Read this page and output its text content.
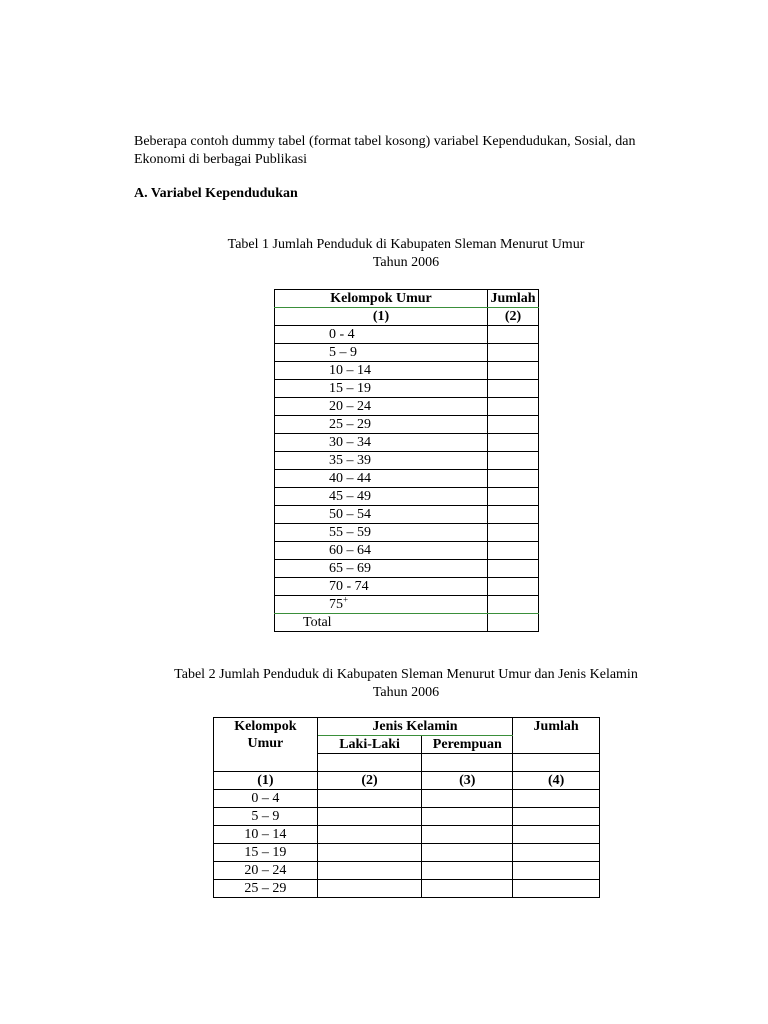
Beberapa contoh dummy tabel (format tabel kosong) variabel Kependudukan, Sosial, dan
Ekonomi di berbagai Publikasi
A. Variabel Kependudukan
Tabel 1 Jumlah Penduduk di Kabupaten Sleman Menurut Umur
Tahun 2006
Kelompok Umur	Jumlah
(1)	(2)
0 - 4	
5 – 9	
10 – 14	
15 – 19	
20 – 24	
25 – 29	
30 – 34	
35 – 39	
40 – 44	
45 – 49	
50 – 54	
55 – 59	
60 – 64	
65 – 69	
70 - 74	
75+	
Total	
Tabel 2 Jumlah Penduduk di Kabupaten Sleman Menurut Umur dan Jenis Kelamin
Tahun 2006
Kelompok
Umur	Jenis Kelamin		Jumlah
	Laki-Laki	Perempuan	

(1)	(2)	(3)	(4)
0 – 4			
5 – 9			
10 – 14			
15 – 19			
20 – 24			
25 – 29			
